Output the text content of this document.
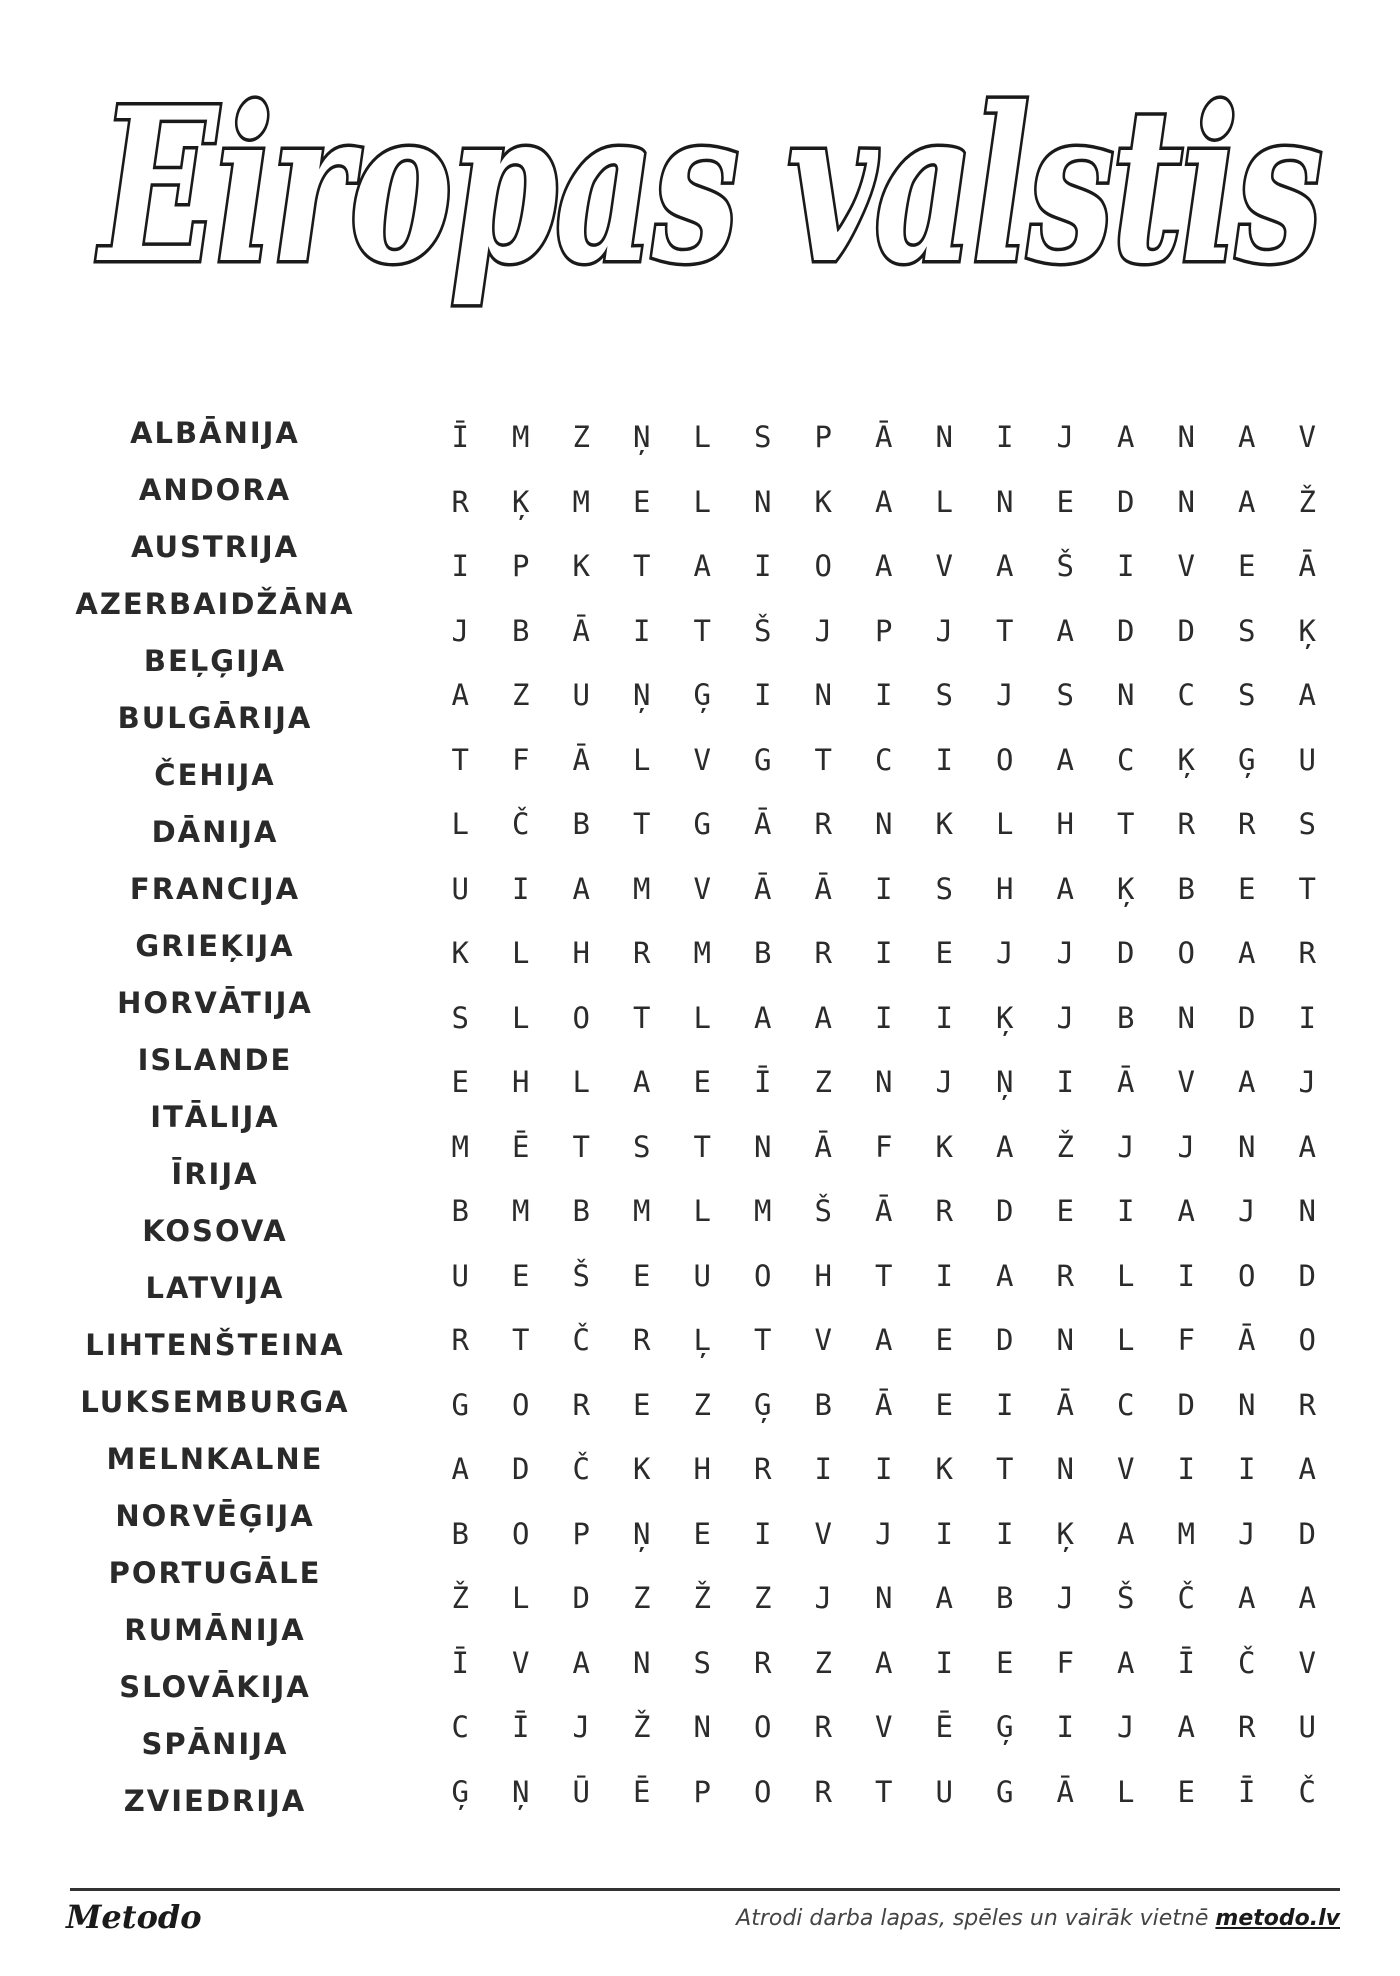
Eiropas valstis
ALBĀNIJA
ANDORA
AUSTRIJA
AZERBAIDŽĀNA
BEĻĢIJA
BULGĀRIJA
ČEHIJA
DĀNIJA
FRANCIJA
GRIEĶIJA
HORVĀTIJA
ISLANDE
ITĀLIJA
ĪRIJA
KOSOVA
LATVIJA
LIHTENŠTEINA
LUKSEMBURGA
MELNKALNE
NORVĒĢIJA
PORTUGĀLE
RUMĀNIJA
SLOVĀKIJA
SPĀNIJA
ZVIEDRIJA
Ī	M	Z	Ņ	L	S	P	Ā	N	I	J	A	N	A	V
R	Ķ	M	E	L	N	K	A	L	N	E	D	N	A	Ž
I	P	K	T	A	I	O	A	V	A	Š	I	V	E	Ā
J	B	Ā	I	T	Š	J	P	J	T	A	D	D	S	Ķ
A	Z	U	Ņ	Ģ	I	N	I	S	J	S	N	C	S	A
T	F	Ā	L	V	G	T	C	I	O	A	C	Ķ	Ģ	U
L	Č	B	T	G	Ā	R	N	K	L	H	T	R	R	S
U	I	A	M	V	Ā	Ā	I	S	H	A	Ķ	B	E	T
K	L	H	R	M	B	R	I	E	J	J	D	O	A	R
S	L	O	T	L	A	A	I	I	Ķ	J	B	N	D	I
E	H	L	A	E	Ī	Z	N	J	Ņ	I	Ā	V	A	J
M	Ē	T	S	T	N	Ā	F	K	A	Ž	J	J	N	A
B	M	B	M	L	M	Š	Ā	R	D	E	I	A	J	N
U	E	Š	E	U	O	H	T	I	A	R	L	I	O	D
R	T	Č	R	Ļ	T	V	A	E	D	N	L	F	Ā	O
G	O	R	E	Z	Ģ	B	Ā	E	I	Ā	C	D	N	R
A	D	Č	K	H	R	I	I	K	T	N	V	I	I	A
B	O	P	Ņ	E	I	V	J	I	I	Ķ	A	M	J	D
Ž	L	D	Z	Ž	Z	J	N	A	B	J	Š	Č	A	A
Ī	V	A	N	S	R	Z	A	I	E	F	A	Ī	Č	V
C	Ī	J	Ž	N	O	R	V	Ē	Ģ	I	J	A	R	U
Ģ	Ņ	Ū	Ē	P	O	R	T	U	G	Ā	L	E	Ī	Č
Metodo	Atrodi darba lapas, spēles un vairāk vietnē metodo.lv
